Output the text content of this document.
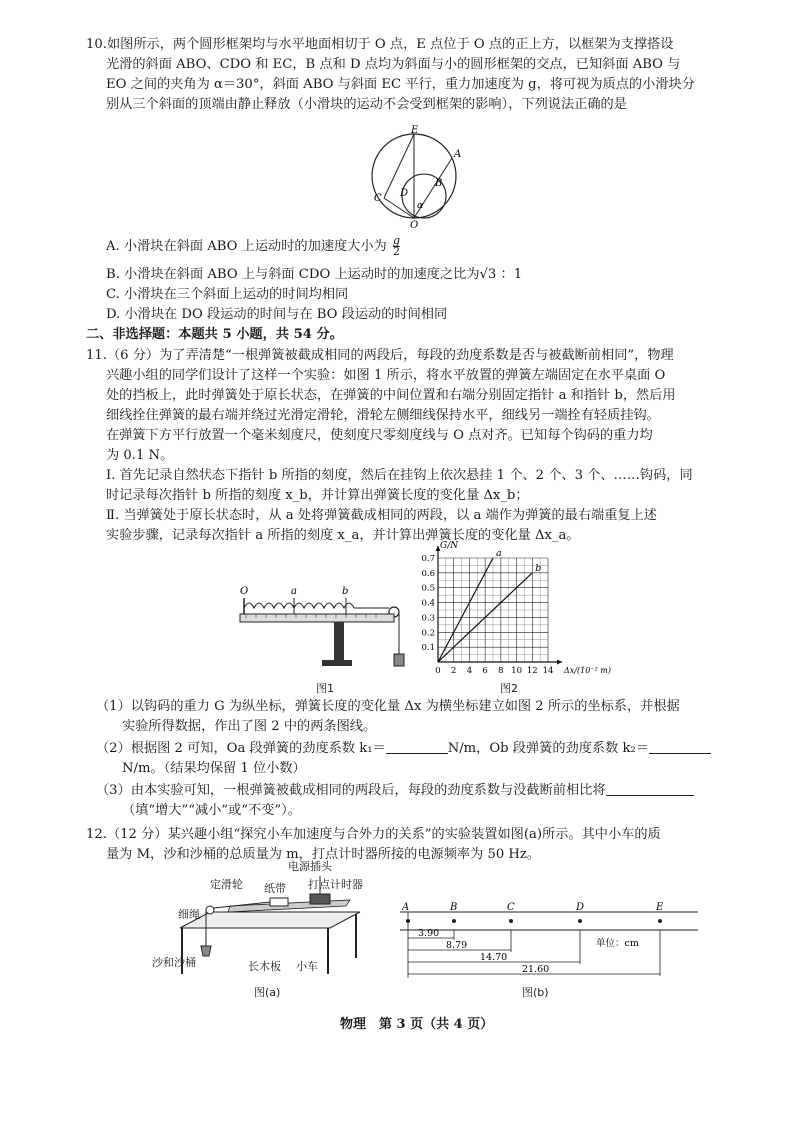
10.如图所示，两个圆形框架均与水平地面相切于 O 点，E 点位于 O 点的正上方，以框架为支撑搭设
光滑的斜面 ABO、CDO 和 EC，B 点和 D 点均为斜面与小的圆形框架的交点，已知斜面 ABO 与
EO 之间的夹角为 α＝30°，斜面 ABO 与斜面 EC 平行，重力加速度为 g，将可视为质点的小滑块分
别从三个斜面的顶端由静止释放（小滑块的运动不会受到框架的影响），下列说法正确的是
E
A
B
C D
α
O
A. 小滑块在斜面 ABO 上运动时的加速度大小为 $\frac{g}{2}$
B. 小滑块在斜面 ABO 上与斜面 CDO 上运动时的加速度之比为√3 ：1
C. 小滑块在三个斜面上运动的时间均相同
D. 小滑块在 DO 段运动的时间与在 BO 段运动的时间相同
二、非选择题：本题共 5 小题，共 54 分。
11.（6 分）为了弄清楚“一根弹簧被截成相同的两段后，每段的劲度系数是否与被截断前相同”，物理
兴趣小组的同学们设计了这样一个实验：如图 1 所示，将水平放置的弹簧左端固定在水平桌面 O
处的挡板上，此时弹簧处于原长状态，在弹簧的中间位置和右端分别固定指针 a 和指针 b，然后用
细线拴住弹簧的最右端并绕过光滑定滑轮，滑轮左侧细线保持水平，细线另一端拴有轻质挂钩。
在弹簧下方平行放置一个毫米刻度尺，使刻度尺零刻度线与 O 点对齐。已知每个钩码的重力均
为 0.1 N。
Ⅰ. 首先记录自然状态下指针 b 所指的刻度，然后在挂钩上依次悬挂 1 个、2 个、3 个、……钩码，同
时记录每次指针 b 所指的刻度 x_b，并计算出弹簧长度的变化量 Δx_b；
Ⅱ. 当弹簧处于原长状态时，从 a 处将弹簧截成相同的两段，以 a 端作为弹簧的最右端重复上述
实验步骤，记录每次指针 a 所指的刻度 x_a，并计算出弹簧长度的变化量 Δx_a。
O	a	b
图1
0 2 4 6 8 10 12 14
0.1
0.2
0.3
0.4
0.5
0.6
0.7
G/N
Δx/(10⁻² m)
a
b
图2
（1）以钩码的重力 G 为纵坐标，弹簧长度的变化量 Δx 为横坐标建立如图 2 所示的坐标系，并根据
实验所得数据，作出了图 2 中的两条图线。
（2）根据图 2 可知，Oa 段弹簧的劲度系数 k₁＝	N/m，Ob 段弹簧的劲度系数 k₂＝
N/m。（结果均保留 1 位小数）
（3）由本实验可知，一根弹簧被截成相同的两段后，每段的劲度系数与没截断前相比将
（填“增大”“减小”或“不变”）。
12.（12 分）某兴趣小组“探究小车加速度与合外力的关系”的实验装置如图(a)所示。其中小车的质
量为 M，沙和沙桶的总质量为 m，打点计时器所接的电源频率为 50 Hz。
电源插头
定滑轮 纸带 打点计时器
细绳
沙和沙桶	长木板 小车
图(a)
A	B	C	D	E
3.90
8.79
14.70
21.60
单位：cm
图(b)
物理　第 3 页（共 4 页）
